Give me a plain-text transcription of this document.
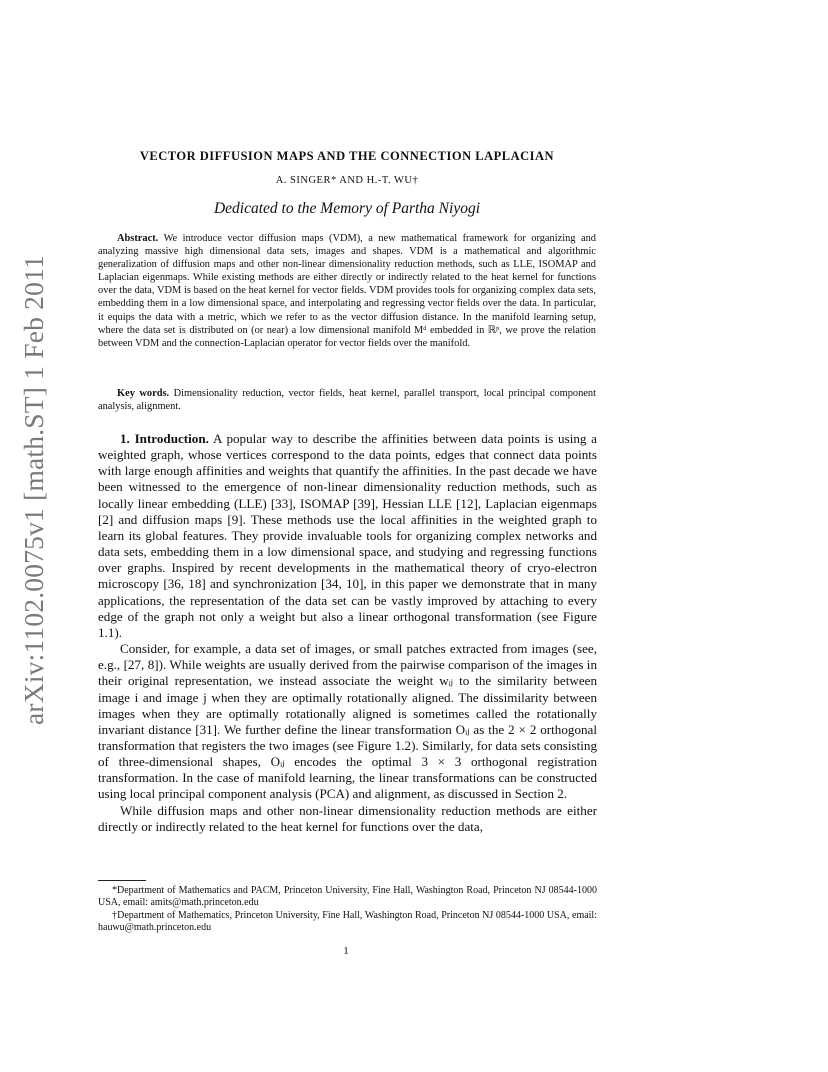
arXiv:1102.0075v1 [math.ST] 1 Feb 2011
VECTOR DIFFUSION MAPS AND THE CONNECTION LAPLACIAN
A. SINGER* AND H.-T. WU†
Dedicated to the Memory of Partha Niyogi
Abstract. We introduce vector diffusion maps (VDM), a new mathematical framework for organizing and analyzing massive high dimensional data sets, images and shapes. VDM is a mathematical and algorithmic generalization of diffusion maps and other non-linear dimensionality reduction methods, such as LLE, ISOMAP and Laplacian eigenmaps. While existing methods are either directly or indirectly related to the heat kernel for functions over the data, VDM is based on the heat kernel for vector fields. VDM provides tools for organizing complex data sets, embedding them in a low dimensional space, and interpolating and regressing vector fields over the data. In particular, it equips the data with a metric, which we refer to as the vector diffusion distance. In the manifold learning setup, where the data set is distributed on (or near) a low dimensional manifold Mᵈ embedded in ℝᵖ, we prove the relation between VDM and the connection-Laplacian operator for vector fields over the manifold.
Key words. Dimensionality reduction, vector fields, heat kernel, parallel transport, local principal component analysis, alignment.

1. Introduction. A popular way to describe the affinities between data points is using a weighted graph, whose vertices correspond to the data points, edges that connect data points with large enough affinities and weights that quantify the affinities. In the past decade we have been witnessed to the emergence of non-linear dimensionality reduction methods, such as locally linear embedding (LLE) [33], ISOMAP [39], Hessian LLE [12], Laplacian eigenmaps [2] and diffusion maps [9]. These methods use the local affinities in the weighted graph to learn its global features. They provide invaluable tools for organizing complex networks and data sets, embedding them in a low dimensional space, and studying and regressing functions over graphs. Inspired by recent developments in the mathematical theory of cryo-electron microscopy [36, 18] and synchronization [34, 10], in this paper we demonstrate that in many applications, the representation of the data set can be vastly improved by attaching to every edge of the graph not only a weight but also a linear orthogonal transformation (see Figure 1.1).

Consider, for example, a data set of images, or small patches extracted from images (see, e.g., [27, 8]). While weights are usually derived from the pairwise comparison of the images in their original representation, we instead associate the weight wᵢⱼ to the similarity between image i and image j when they are optimally rotationally aligned. The dissimilarity between images when they are optimally rotationally aligned is sometimes called the rotationally invariant distance [31]. We further define the linear transformation Oᵢⱼ as the 2 × 2 orthogonal transformation that registers the two images (see Figure 1.2). Similarly, for data sets consisting of three-dimensional shapes, Oᵢⱼ encodes the optimal 3 × 3 orthogonal registration transformation. In the case of manifold learning, the linear transformations can be constructed using local principal component analysis (PCA) and alignment, as discussed in Section 2.

While diffusion maps and other non-linear dimensionality reduction methods are either directly or indirectly related to the heat kernel for functions over the data,

*Department of Mathematics and PACM, Princeton University, Fine Hall, Washington Road, Princeton NJ 08544-1000 USA, email: amits@math.princeton.edu

†Department of Mathematics, Princeton University, Fine Hall, Washington Road, Princeton NJ 08544-1000 USA, email: hauwu@math.princeton.edu

1
